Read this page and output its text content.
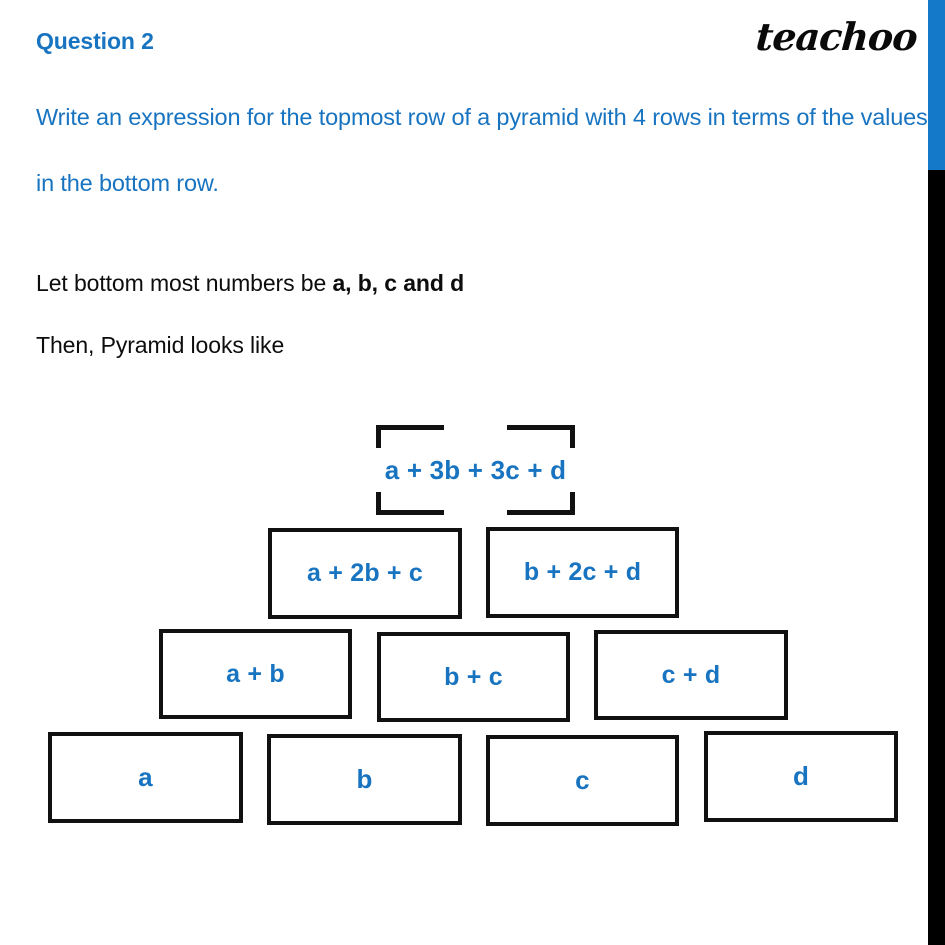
Question 2	teachoo
Write an expression for the topmost row of a pyramid with 4 rows in terms of the values in the bottom row.
Let bottom most numbers be a, b, c and d
Then, Pyramid looks like
a + 3b + 3c + d
a + 2b + c	b + 2c + d
a + b	b + c	c + d
a	b	c	d
